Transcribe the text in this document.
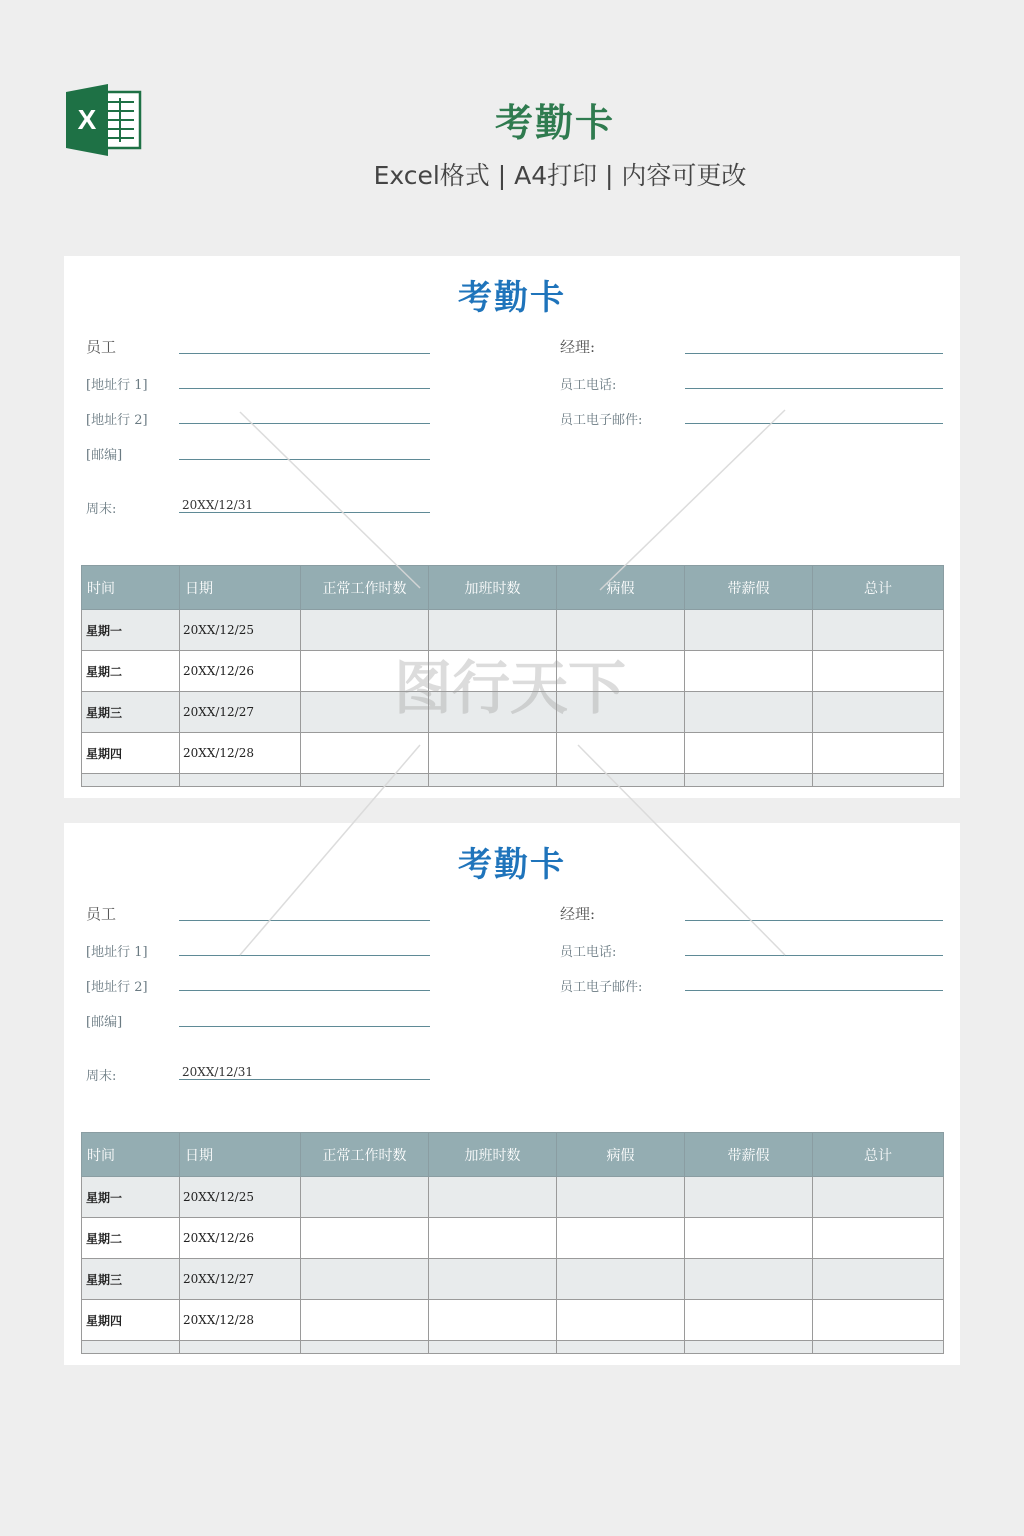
X	考勤卡
Excel格式 | A4打印 | 内容可更改
考勤卡
员工
[地址行 1]
[地址行 2]
[邮编]
经理:
员工电话:
员工电子邮件:
周末:	20XX/12/31
时间	日期	正常工作时数	加班时数	病假	带薪假	总计
星期一	20XX/12/25					
星期二	20XX/12/26					
星期三	20XX/12/27					
星期四	20XX/12/28					

考勤卡
员工
[地址行 1]
[地址行 2]
[邮编]
经理:
员工电话:
员工电子邮件:
周末:	20XX/12/31
时间	日期	正常工作时数	加班时数	病假	带薪假	总计
星期一	20XX/12/25					
星期二	20XX/12/26					
星期三	20XX/12/27					
星期四	20XX/12/28					

图行天下
